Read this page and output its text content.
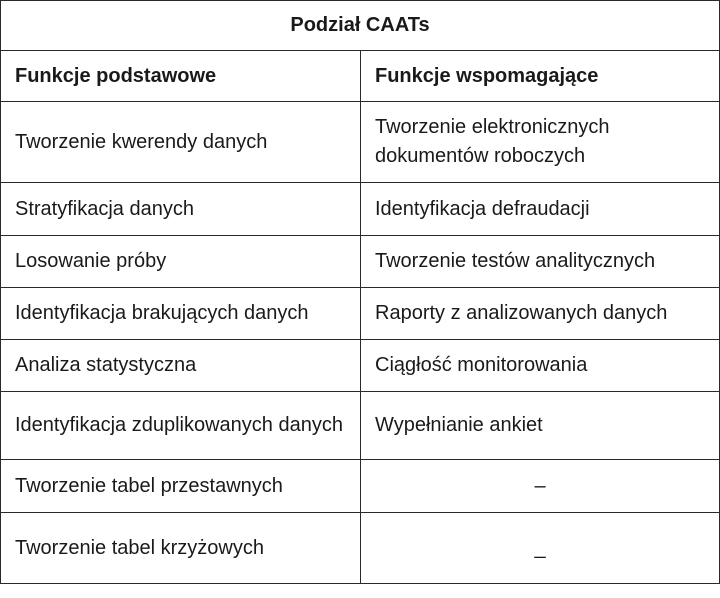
Podział CAATs	
Funkcje podstawowe	Funkcje wspomagające
Tworzenie kwerendy danych	Tworzenie elektronicznych dokumentów roboczych
Stratyfikacja danych	Identyfikacja defraudacji
Losowanie próby	Tworzenie testów analitycznych
Identyfikacja brakujących danych	Raporty z analizowanych danych
Analiza statystyczna	Ciągłość monitorowania
Identyfikacja zduplikowanych danych	Wypełnianie ankiet
Tworzenie tabel przestawnych	–
Tworzenie tabel krzyżowych	_
